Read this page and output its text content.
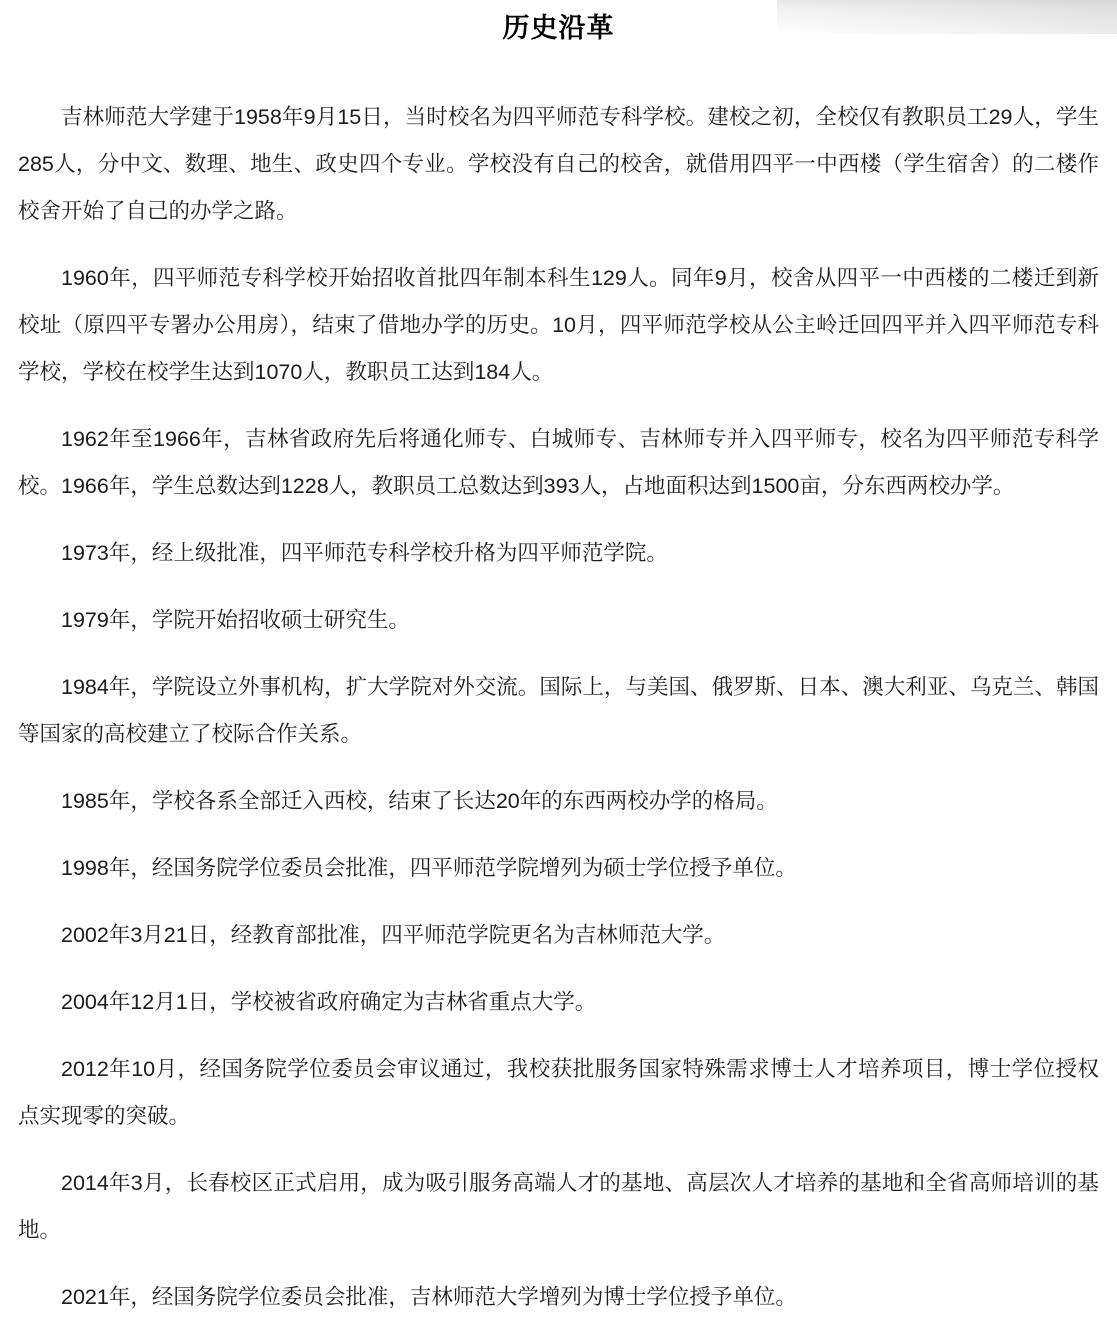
历史沿革

吉林师范大学建于1958年9月15日，当时校名为四平师范专科学校。建校之初，全校仅有教职员工29人，学生285人，分中文、数理、地生、政史四个专业。学校没有自己的校舍，就借用四平一中西楼（学生宿舍）的二楼作校舍开始了自己的办学之路。

1960年，四平师范专科学校开始招收首批四年制本科生129人。同年9月，校舍从四平一中西楼的二楼迁到新校址（原四平专署办公用房），结束了借地办学的历史。10月，四平师范学校从公主岭迁回四平并入四平师范专科学校，学校在校学生达到1070人，教职员工达到184人。

1962年至1966年，吉林省政府先后将通化师专、白城师专、吉林师专并入四平师专，校名为四平师范专科学校。1966年，学生总数达到1228人，教职员工总数达到393人，占地面积达到1500亩，分东西两校办学。

1973年，经上级批准，四平师范专科学校升格为四平师范学院。

1979年，学院开始招收硕士研究生。

1984年，学院设立外事机构，扩大学院对外交流。国际上，与美国、俄罗斯、日本、澳大利亚、乌克兰、韩国等国家的高校建立了校际合作关系。

1985年，学校各系全部迁入西校，结束了长达20年的东西两校办学的格局。

1998年，经国务院学位委员会批准，四平师范学院增列为硕士学位授予单位。

2002年3月21日，经教育部批准，四平师范学院更名为吉林师范大学。

2004年12月1日，学校被省政府确定为吉林省重点大学。

2012年10月，经国务院学位委员会审议通过，我校获批服务国家特殊需求博士人才培养项目，博士学位授权点实现零的突破。

2014年3月，长春校区正式启用，成为吸引服务高端人才的基地、高层次人才培养的基地和全省高师培训的基地。

2021年，经国务院学位委员会批准，吉林师范大学增列为博士学位授予单位。
